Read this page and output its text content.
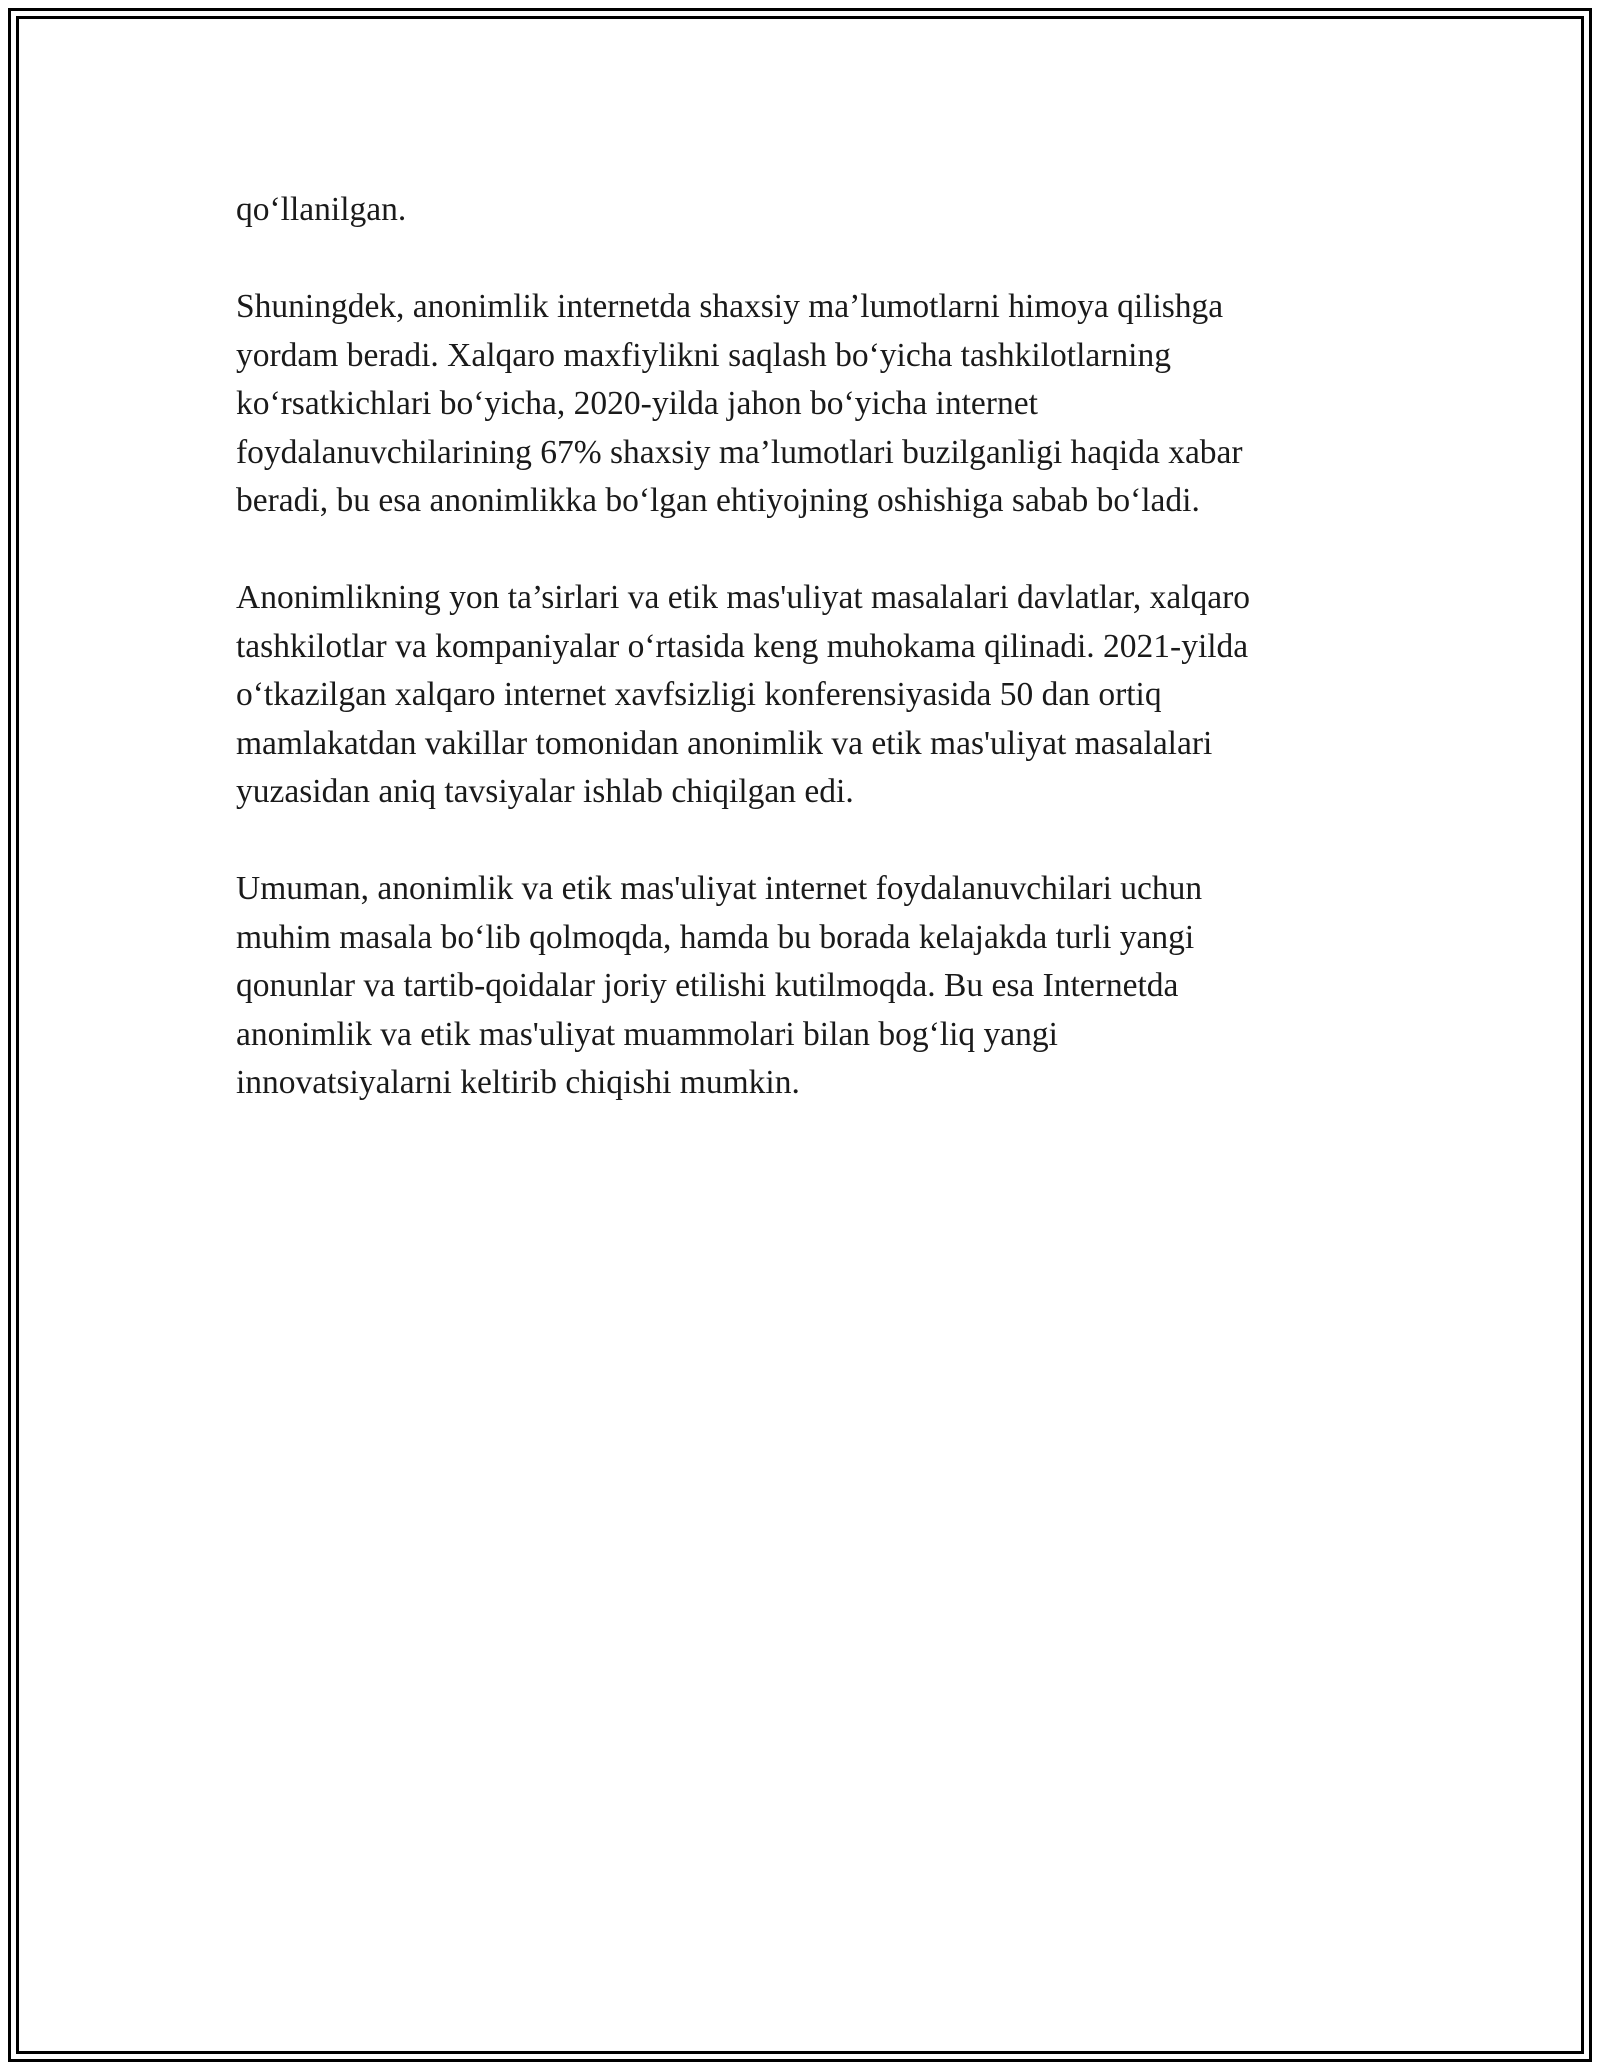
qo‘llanilgan.

Shuningdek, anonimlik internetda shaxsiy ma’lumotlarni himoya qilishga
yordam beradi. Xalqaro maxfiylikni saqlash bo‘yicha tashkilotlarning
ko‘rsatkichlari bo‘yicha, 2020-yilda jahon bo‘yicha internet
foydalanuvchilarining 67% shaxsiy ma’lumotlari buzilganligi haqida xabar
beradi, bu esa anonimlikka bo‘lgan ehtiyojning oshishiga sabab bo‘ladi.

Anonimlikning yon ta’sirlari va etik mas'uliyat masalalari davlatlar, xalqaro
tashkilotlar va kompaniyalar o‘rtasida keng muhokama qilinadi. 2021-yilda
o‘tkazilgan xalqaro internet xavfsizligi konferensiyasida 50 dan ortiq
mamlakatdan vakillar tomonidan anonimlik va etik mas'uliyat masalalari
yuzasidan aniq tavsiyalar ishlab chiqilgan edi.

Umuman, anonimlik va etik mas'uliyat internet foydalanuvchilari uchun
muhim masala bo‘lib qolmoqda, hamda bu borada kelajakda turli yangi
qonunlar va tartib-qoidalar joriy etilishi kutilmoqda. Bu esa Internetda
anonimlik va etik mas'uliyat muammolari bilan bog‘liq yangi
innovatsiyalarni keltirib chiqishi mumkin.
